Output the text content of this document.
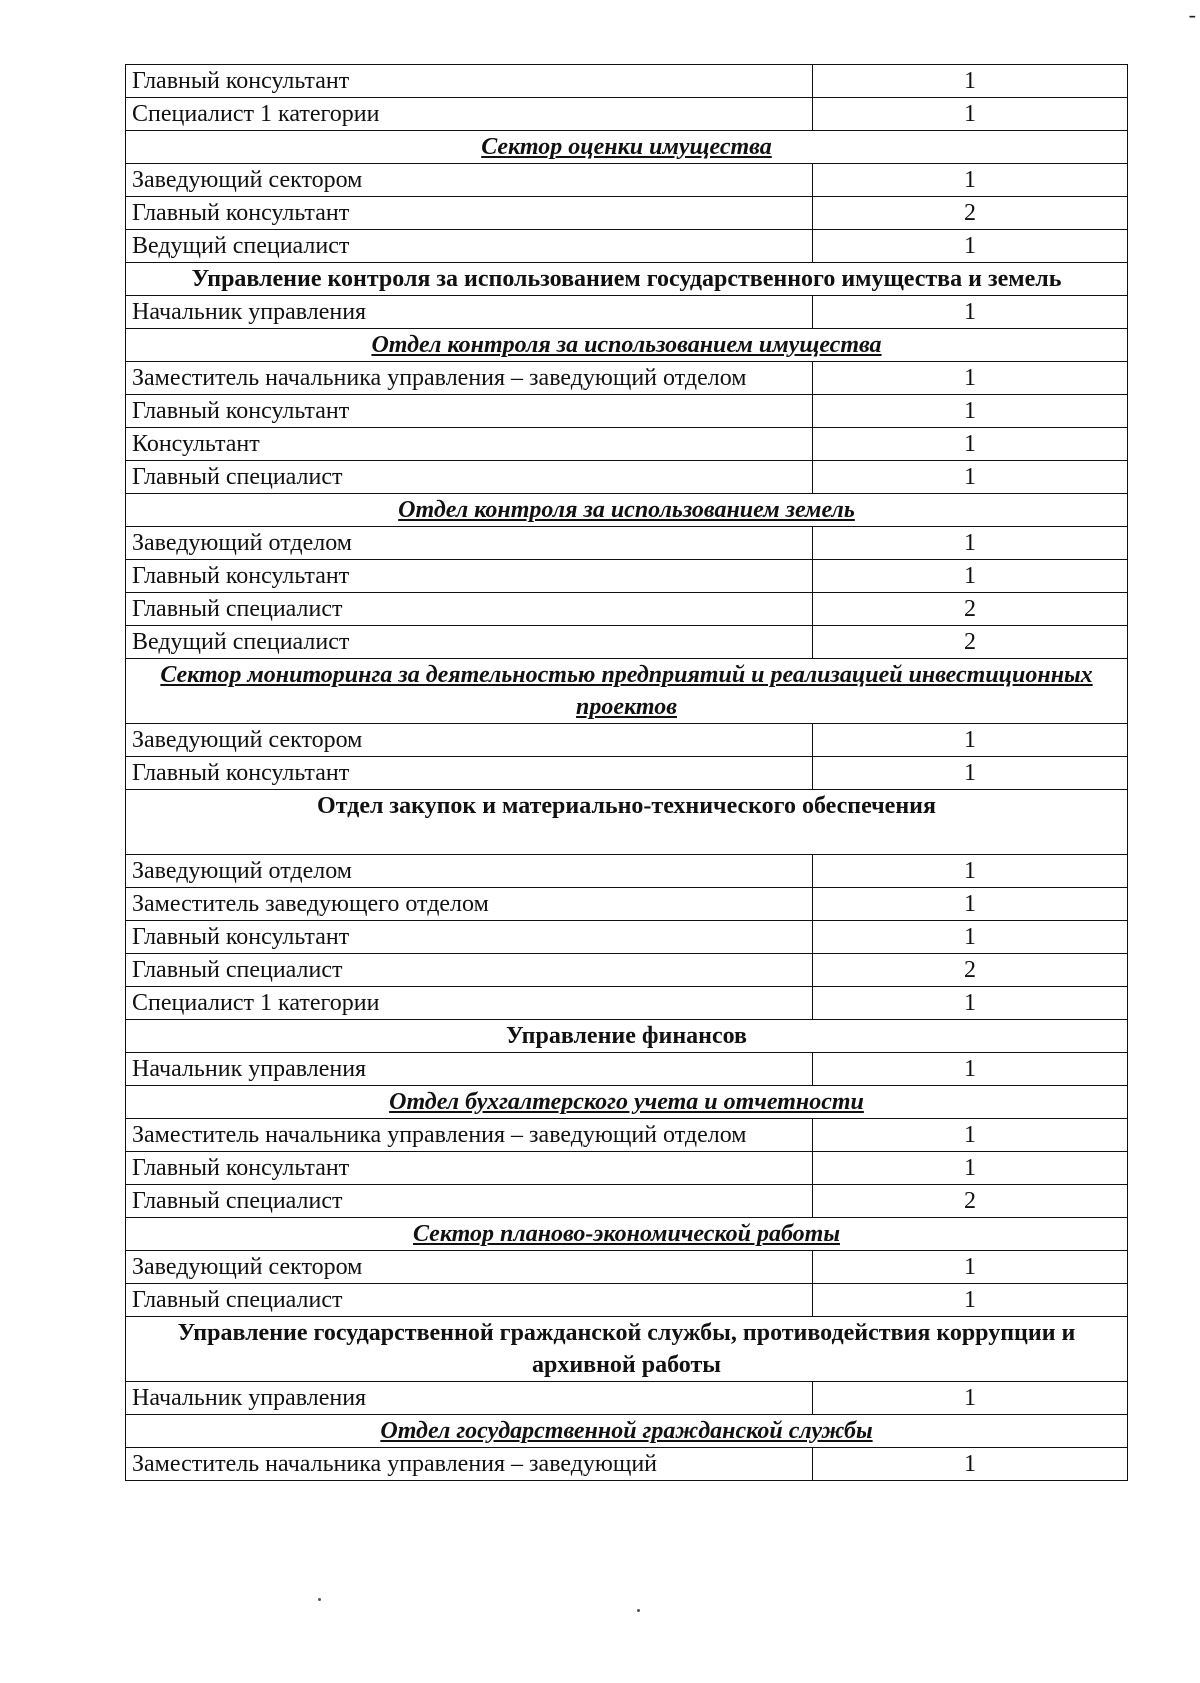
-
Главный консультант	1
Специалист 1 категории	1
Сектор оценки имущества	
Заведующий сектором	1
Главный консультант	2
Ведущий специалист	1
Управление контроля за использованием государственного имущества и земель	
Начальник управления	1
Отдел контроля за использованием имущества	
Заместитель начальника управления – заведующий отделом	1
Главный консультант	1
Консультант	1
Главный специалист	1
Отдел контроля за использованием земель	
Заведующий отделом	1
Главный консультант	1
Главный специалист	2
Ведущий специалист	2
Сектор мониторинга за деятельностью предприятий и реализацией инвестиционных проектов	
Заведующий сектором	1
Главный консультант	1
Отдел закупок и материально-технического обеспечения	
Заведующий отделом	1
Заместитель заведующего отделом	1
Главный консультант	1
Главный специалист	2
Специалист 1 категории	1
Управление финансов	
Начальник управления	1
Отдел бухгалтерского учета и отчетности	
Заместитель начальника управления – заведующий отделом	1
Главный консультант	1
Главный специалист	2
Сектор планово-экономической работы	
Заведующий сектором	1
Главный специалист	1
Управление государственной гражданской службы, противодействия коррупции и архивной работы	
Начальник управления	1
Отдел государственной гражданской службы	
Заместитель начальника управления – заведующий	1
